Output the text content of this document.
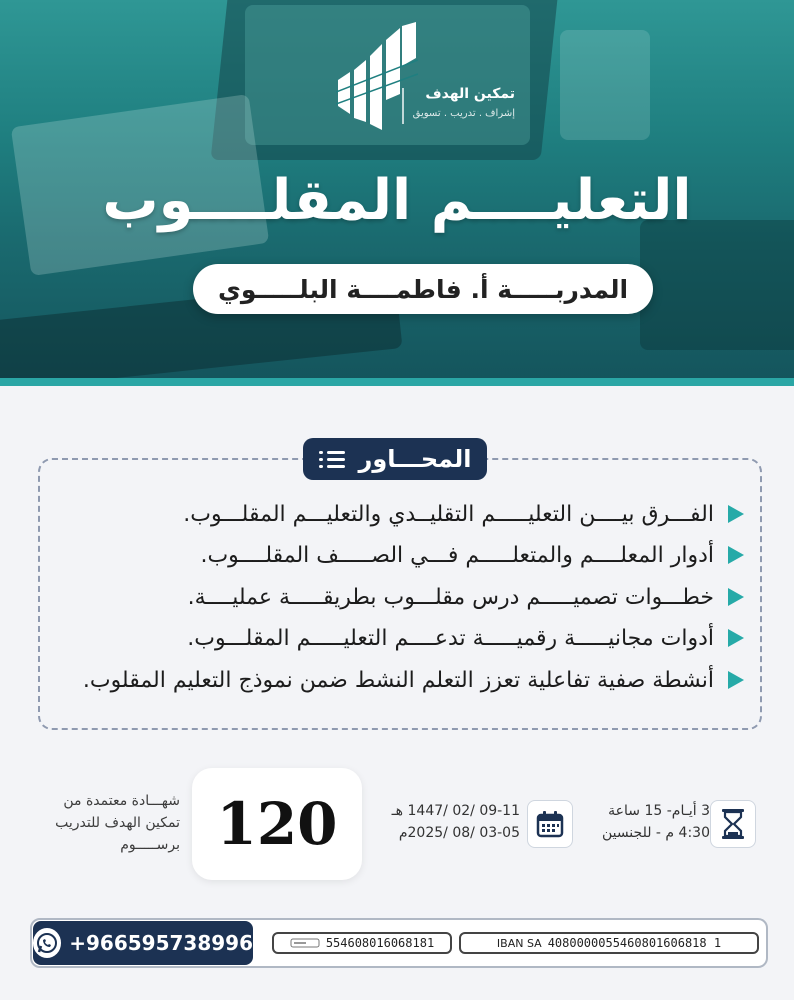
تمكين الهدف
إشراف . تدريب . تسويق
التعليــــم المقلــــوب
المدربـــــة أ. فاطمــــة البلـــــوي
المحـــاور
الفـــرق بيــــن التعليـــــم التقليــدي والتعليـــم المقلـــوب.
أدوار المعلــــم والمتعلـــــم فـــي الصـــــف المقلــــوب.
خطـــوات تصميـــــم درس مقلـــوب بطريقـــــة عمليــــة.
أدوات مجانيـــــة رقميـــــة تدعــــم التعليـــــم المقلـــوب.
أنشطة صفية تفاعلية تعزز التعلم النشط ضمن نموذج التعليم المقلوب.
شهـــادة معتمدة من
تمكين الهدف للتدريب
برســـــوم 120	09-11 /02 /1447 هـ
03-05 /08 /2025م
3 أيـام- 15 ساعة
4:30 م - للجنسين
+966595738996	554608016068181	IBAN SA 4080000055460801606818 1
